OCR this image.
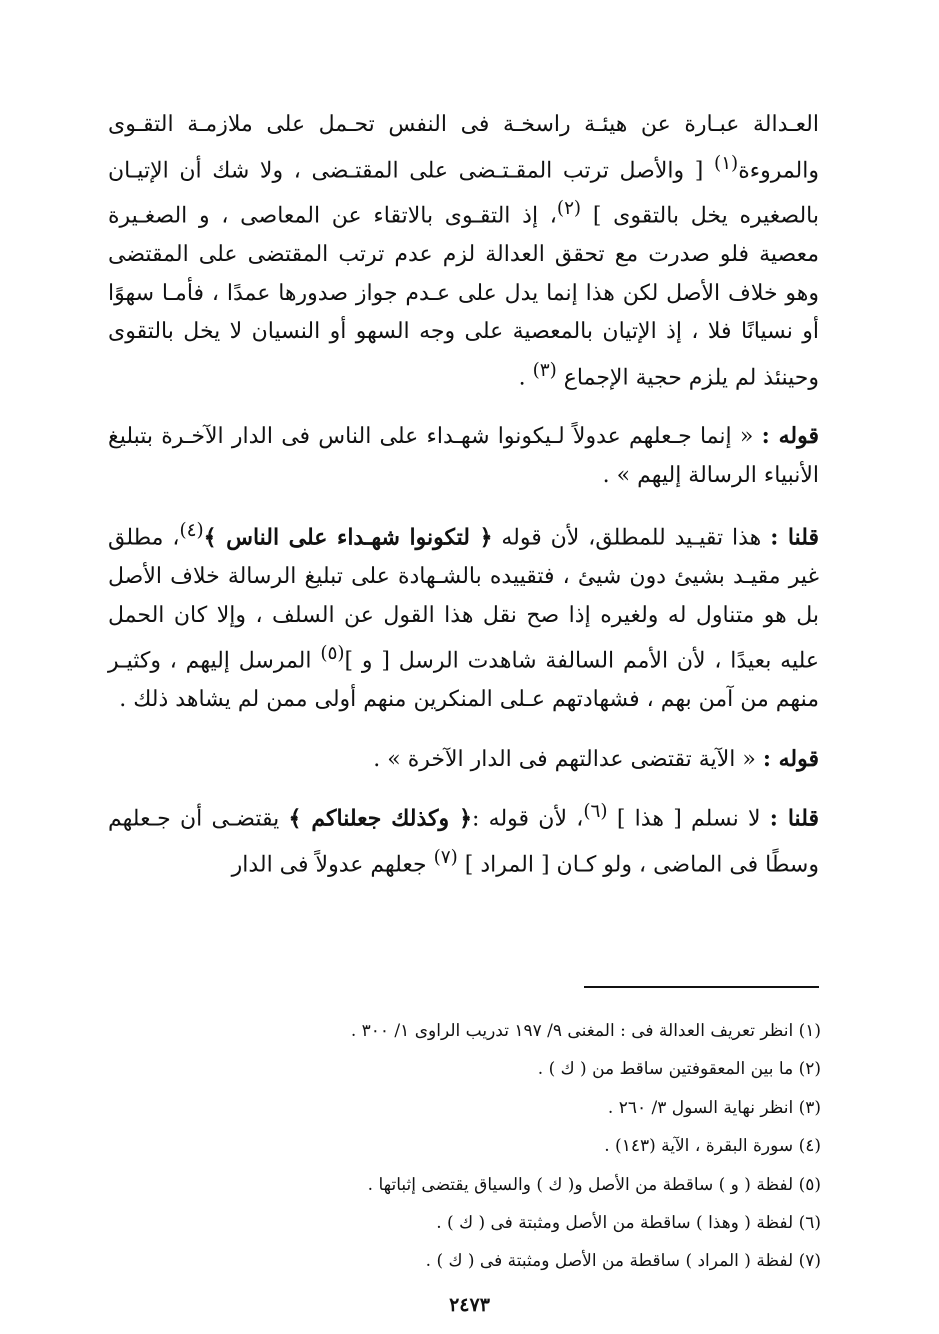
العـدالة عبـارة عن هيئـة راسخـة فى النفس تحـمل على ملازمـة التقـوى والمروءة$^{(١)}$ [ والأصل ترتب المقـتـضى على المقتـضى ، ولا شك أن الإتيـان بالصغيره يخل بالتقوى ] $^{(٢)}$، إذ التقـوى بالاتقاء عن المعاصى ، و الصغـيرة معصية فلو صدرت مع تحقق العدالة لزم عدم ترتب المقتضى على المقتضى وهو خلاف الأصل لكن هذا إنما يدل على عـدم جواز صدورها عمدًا ، فأمـا سهوًا أو نسيانًا فلا ، إذ الإتيان بالمعصية على وجه السهو أو النسيان لا يخل بالتقوى وحينئذ لم يلزم حجية الإجماع $^{(٣)}$ .

قوله : « إنما جـعلهم عدولاً لـيكونوا شهـداء على الناس فى الدار الآخـرة بتبليغ الأنبياء الرسالة إليهم » .

قلنا : هذا تقيـيد للمطلق، لأن قوله ﴿ لتكونوا شهـداء على الناس ﴾$^{(٤)}$، مطلق غير مقيـد بشيئ دون شيئ ، فتقييده بالشـهادة على تبليغ الرسالة خلاف الأصل بل هو متناول له ولغيره إذا صح نقل هذا القول عن السلف ، وإلا كان الحمل عليه بعيدًا ، لأن الأمم السالفة شاهدت الرسل [ و ]$^{(٥)}$ المرسل إليهم ، وكثيـر منهم من آمن بهم ، فشهادتهم عـلى المنكرين منهم أولى ممن لم يشاهد ذلك .

قوله : « الآية تقتضى عدالتهم فى الدار الآخرة » .

قلنا : لا نسلم [ هذا ] $^{(٦)}$، لأن قوله :﴿ وكذلك جعلناكم ﴾ يقتضـى أن جـعلهم وسطًا فى الماضى ، ولو كـان [ المراد ] $^{(٧)}$ جعلهم عدولاً فى الدار

(١) انظر تعريف العدالة فى : المغنى ٩/ ١٩٧ تدريب الراوى ١/ ٣٠٠ .

(٢) ما بين المعقوفتين ساقط من ( ك ) .

(٣) انظر نهاية السول ٣/ ٢٦٠ .

(٤) سورة البقرة ، الآية (١٤٣) .

(٥) لفظة ( و ) ساقطة من الأصل و( ك ) والسياق يقتضى إثباتها .

(٦) لفظة ( وهذا ) ساقطة من الأصل ومثبتة فى ( ك ) .

(٧) لفظة ( المراد ) ساقطة من الأصل ومثبتة فى ( ك ) .

٢٤٧٣
